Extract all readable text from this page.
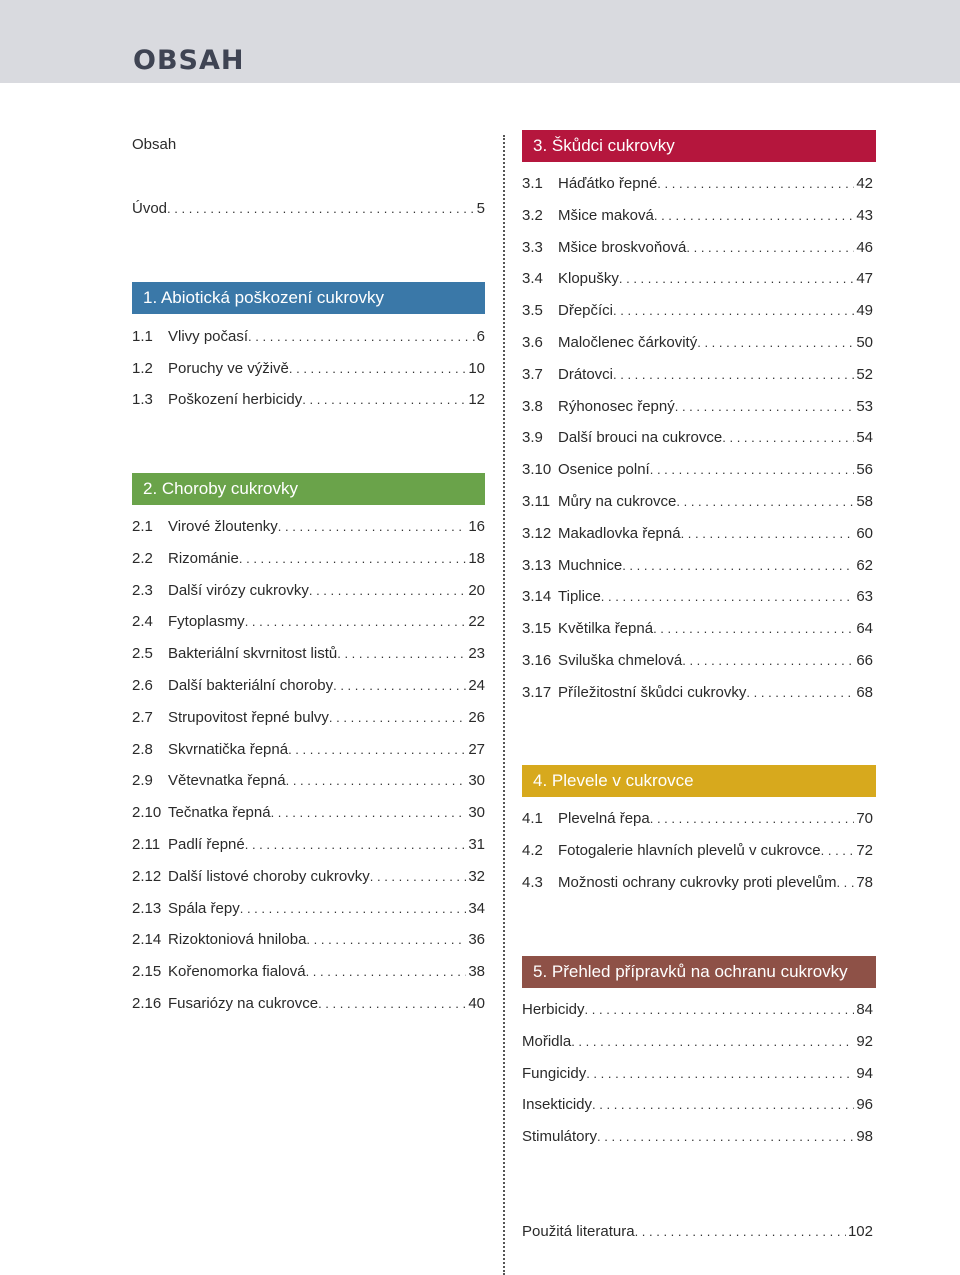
OBSAH
Obsah
Úvod . . .	5
1. Abiotická poškození cukrovky
1.1	Vlivy počasí . . .	6
1.2	Poruchy ve výživě . . .	10
1.3	Poškození herbicidy . . .	12
2. Choroby cukrovky
2.1	Virové žloutenky . . .	16
2.2	Rizománie . . .	18
2.3	Další virózy cukrovky . . .	20
2.4	Fytoplasmy . . .	22
2.5	Bakteriální skvrnitost listů . . .	23
2.6	Další bakteriální choroby . . .	24
2.7	Strupovitost řepné bulvy . . .	26
2.8	Skvrnatička řepná . . .	27
2.9	Větevnatka řepná . . .	30
2.10 Tečnatka řepná . . .	30
2.11 Padlí řepné . . .	31
2.12 Další listové choroby cukrovky . . .	32
2.13 Spála řepy . . .	34
2.14 Rizoktoniová hniloba . . .	36
2.15 Kořenomorka fialová . . .	38
2.16 Fusariózy na cukrovce . . .	40
3. Škůdci cukrovky
3.1	Háďátko řepné . . .	42
3.2	Mšice maková . . .	43
3.3	Mšice broskvoňová . . .	46
3.4	Klopušky . . .	47
3.5	Dřepčíci . . .	49
3.6	Maločlenec čárkovitý . . .	50
3.7	Drátovci . . .	52
3.8	Rýhonosec řepný . . .	53
3.9	Další brouci na cukrovce . . .	54
3.10 Osenice polní . . .	56
3.11 Můry na cukrovce . . .	58
3.12 Makadlovka řepná . . .	60
3.13 Muchnice . . .	62
3.14 Tiplice . . .	63
3.15 Květilka řepná . . .	64
3.16 Sviluška chmelová . . .	66
3.17 Příležitostní škůdci cukrovky . . .	68
4. Plevele v cukrovce
4.1	Plevelná řepa . . .	70
4.2	Fotogalerie hlavních plevelů v cukrovce . . . 72
4.3	Možnosti ochrany cukrovky proti plevelům . . . 78
5. Přehled přípravků na ochranu cukrovky
Herbicidy . . .	84
Mořidla . . .	92
Fungicidy . . .	94
Insekticidy . . .	96
Stimulátory . . .	98
Použitá literatura . . .	102
